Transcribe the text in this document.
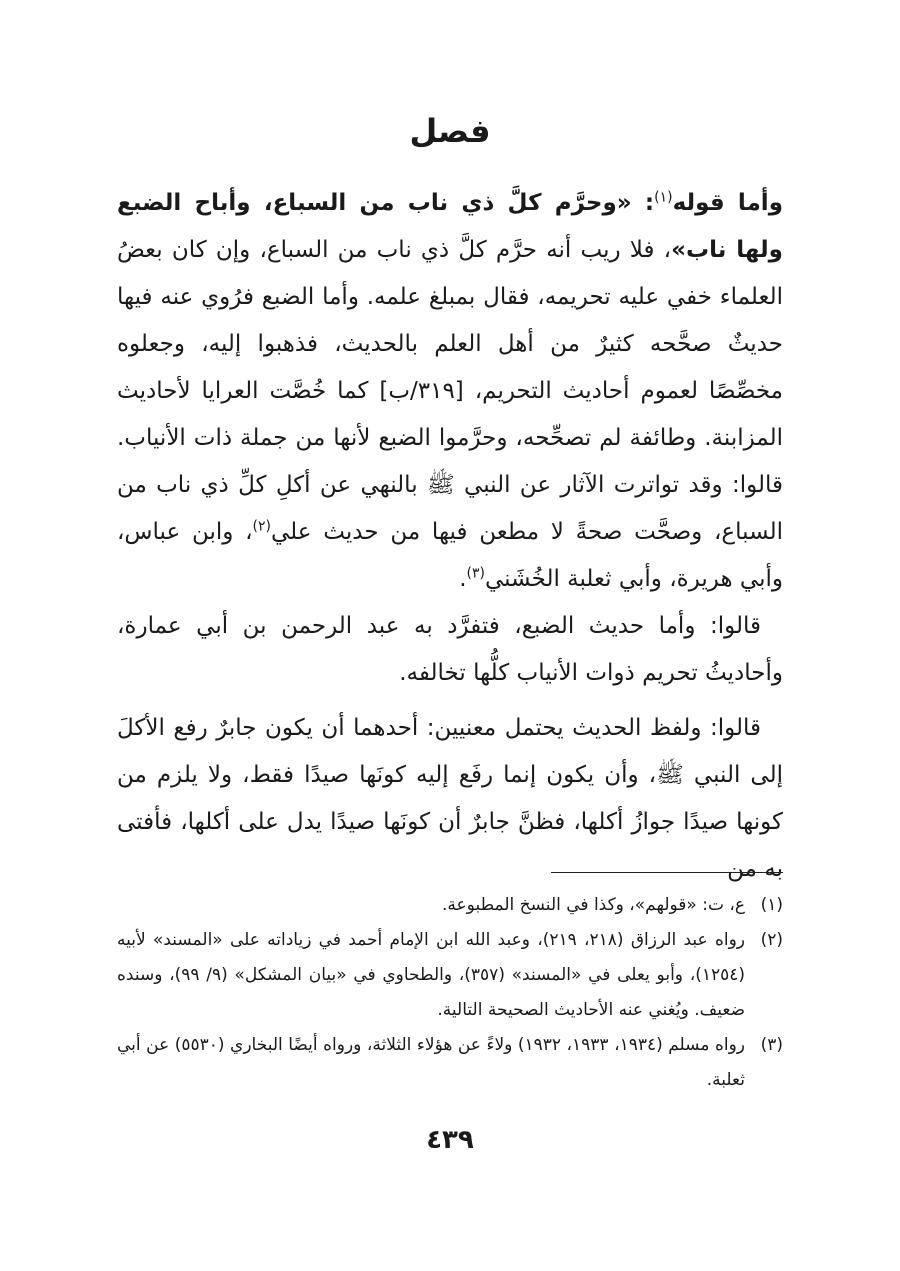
فصل

وأما قوله$^{(١)}$: «وحرَّم كلَّ ذي ناب من السباع، وأباح الضبع ولها ناب»، فلا ريب أنه حرَّم كلَّ ذي ناب من السباع، وإن كان بعضُ العلماء خفي عليه تحريمه، فقال بمبلغ علمه. وأما الضبع فرُوي عنه فيها حديثٌ صحَّحه كثيرٌ من أهل العلم بالحديث، فذهبوا إليه، وجعلوه مخصِّصًا لعموم أحاديث التحريم، [٣١٩/ب] كما خُصَّت العرايا لأحاديث المزابنة. وطائفة لم تصحِّحه، وحرَّموا الضبع لأنها من جملة ذات الأنياب. قالوا: وقد تواترت الآثار عن النبي ﷺ بالنهي عن أكلِ كلِّ ذي ناب من السباع، وصحَّت صحةً لا مطعن فيها من حديث علي$^{(٢)}$، وابن عباس، وأبي هريرة، وأبي ثعلبة الخُشَني$^{(٣)}$.

قالوا: وأما حديث الضبع، فتفرَّد به عبد الرحمن بن أبي عمارة، وأحاديثُ تحريم ذوات الأنياب كلُّها تخالفه.

قالوا: ولفظ الحديث يحتمل معنيين: أحدهما أن يكون جابرٌ رفع الأكلَ إلى النبي ﷺ، وأن يكون إنما رفَع إليه كونَها صيدًا فقط، ولا يلزم من كونها صيدًا جوازُ أكلها، فظنَّ جابرٌ أن كونَها صيدًا يدل على أكلها، فأفتى به من

(١)
ع، ت: «قولهم»، وكذا في النسخ المطبوعة.
(٢)
رواه عبد الرزاق (٢١٨، ٢١٩)، وعبد الله ابن الإمام أحمد في زياداته على «المسند» لأبيه (١٢٥٤)، وأبو يعلى في «المسند» (٣٥٧)، والطحاوي في «بيان المشكل» (٩/ ٩٩)، وسنده ضعيف. ويُغني عنه الأحاديث الصحيحة التالية.
(٣)
رواه مسلم (١٩٣٤، ١٩٣٣، ١٩٣٢) ولاءً عن هؤلاء الثلاثة، ورواه أيضًا البخاري (٥٥٣٠) عن أبي ثعلبة.
٤٣٩
